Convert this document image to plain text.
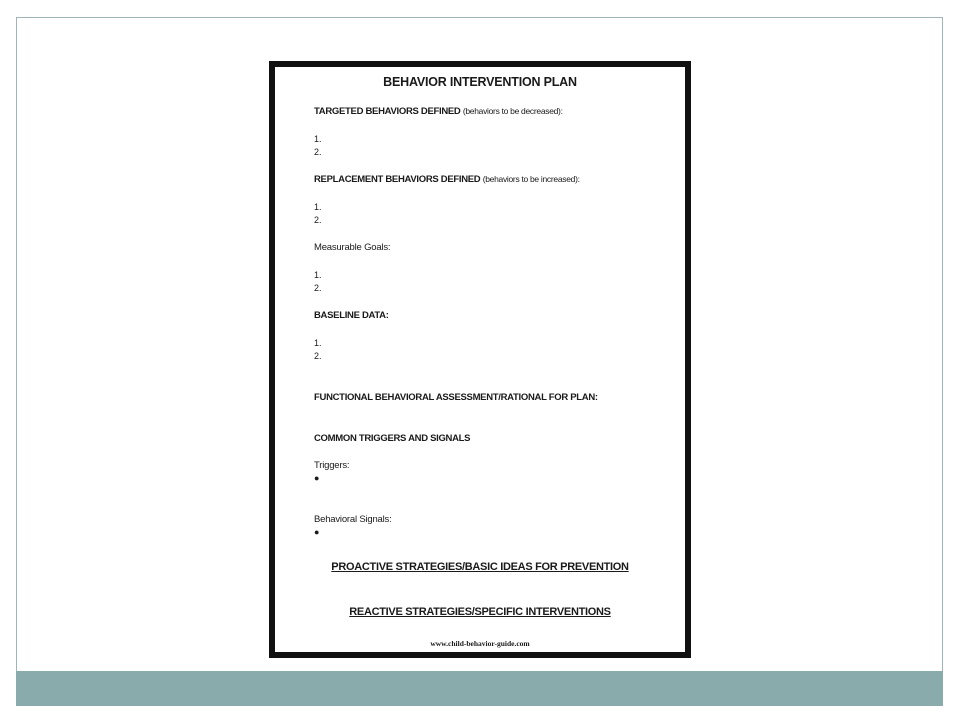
BEHAVIOR INTERVENTION PLAN
TARGETED BEHAVIORS DEFINED (behaviors to be decreased):
1.
2.
REPLACEMENT BEHAVIORS DEFINED (behaviors to be increased):
1.
2.
Measurable Goals:
1.
2.
BASELINE DATA:
1.
2.
FUNCTIONAL BEHAVIORAL ASSESSMENT/RATIONAL FOR PLAN:
COMMON TRIGGERS AND SIGNALS
Triggers:
●
Behavioral Signals:
●
PROACTIVE STRATEGIES/BASIC IDEAS FOR PREVENTION
REACTIVE STRATEGIES/SPECIFIC INTERVENTIONS
www.child-behavior-guide.com
